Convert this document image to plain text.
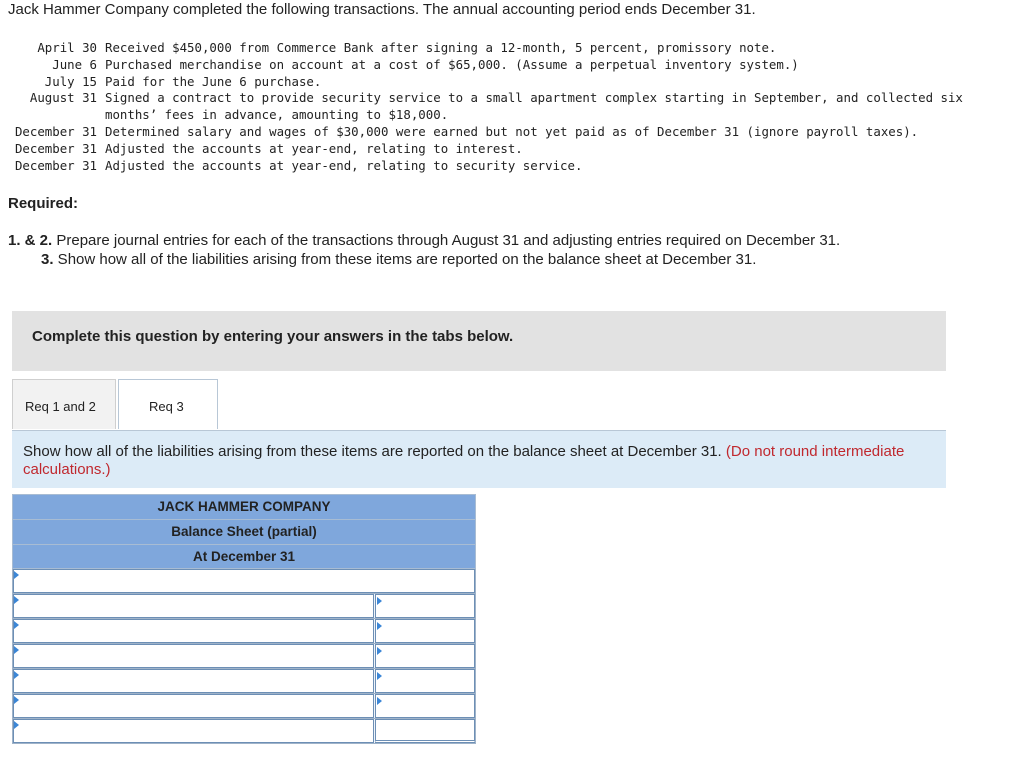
Jack Hammer Company completed the following transactions. The annual accounting period ends December 31.
April 30 Received $450,000 from Commerce Bank after signing a 12-month, 5 percent, promissory note.
June 6 Purchased merchandise on account at a cost of $65,000. (Assume a perpetual inventory system.)
July 15 Paid for the June 6 purchase.
August 31 Signed a contract to provide security service to a small apartment complex starting in September, and collected six
months’ fees in advance, amounting to $18,000.
December 31 Determined salary and wages of $30,000 were earned but not yet paid as of December 31 (ignore payroll taxes).
December 31 Adjusted the accounts at year-end, relating to interest.
December 31 Adjusted the accounts at year-end, relating to security service.
Required:
1. & 2. Prepare journal entries for each of the transactions through August 31 and adjusting entries required on December 31.
3. Show how all of the liabilities arising from these items are reported on the balance sheet at December 31.
Complete this question by entering your answers in the tabs below.
Req 1 and 2	Req 3
Show how all of the liabilities arising from these items are reported on the balance sheet at December 31. (Do not round intermediate calculations.)
JACK HAMMER COMPANY
Balance Sheet (partial)
At December 31
